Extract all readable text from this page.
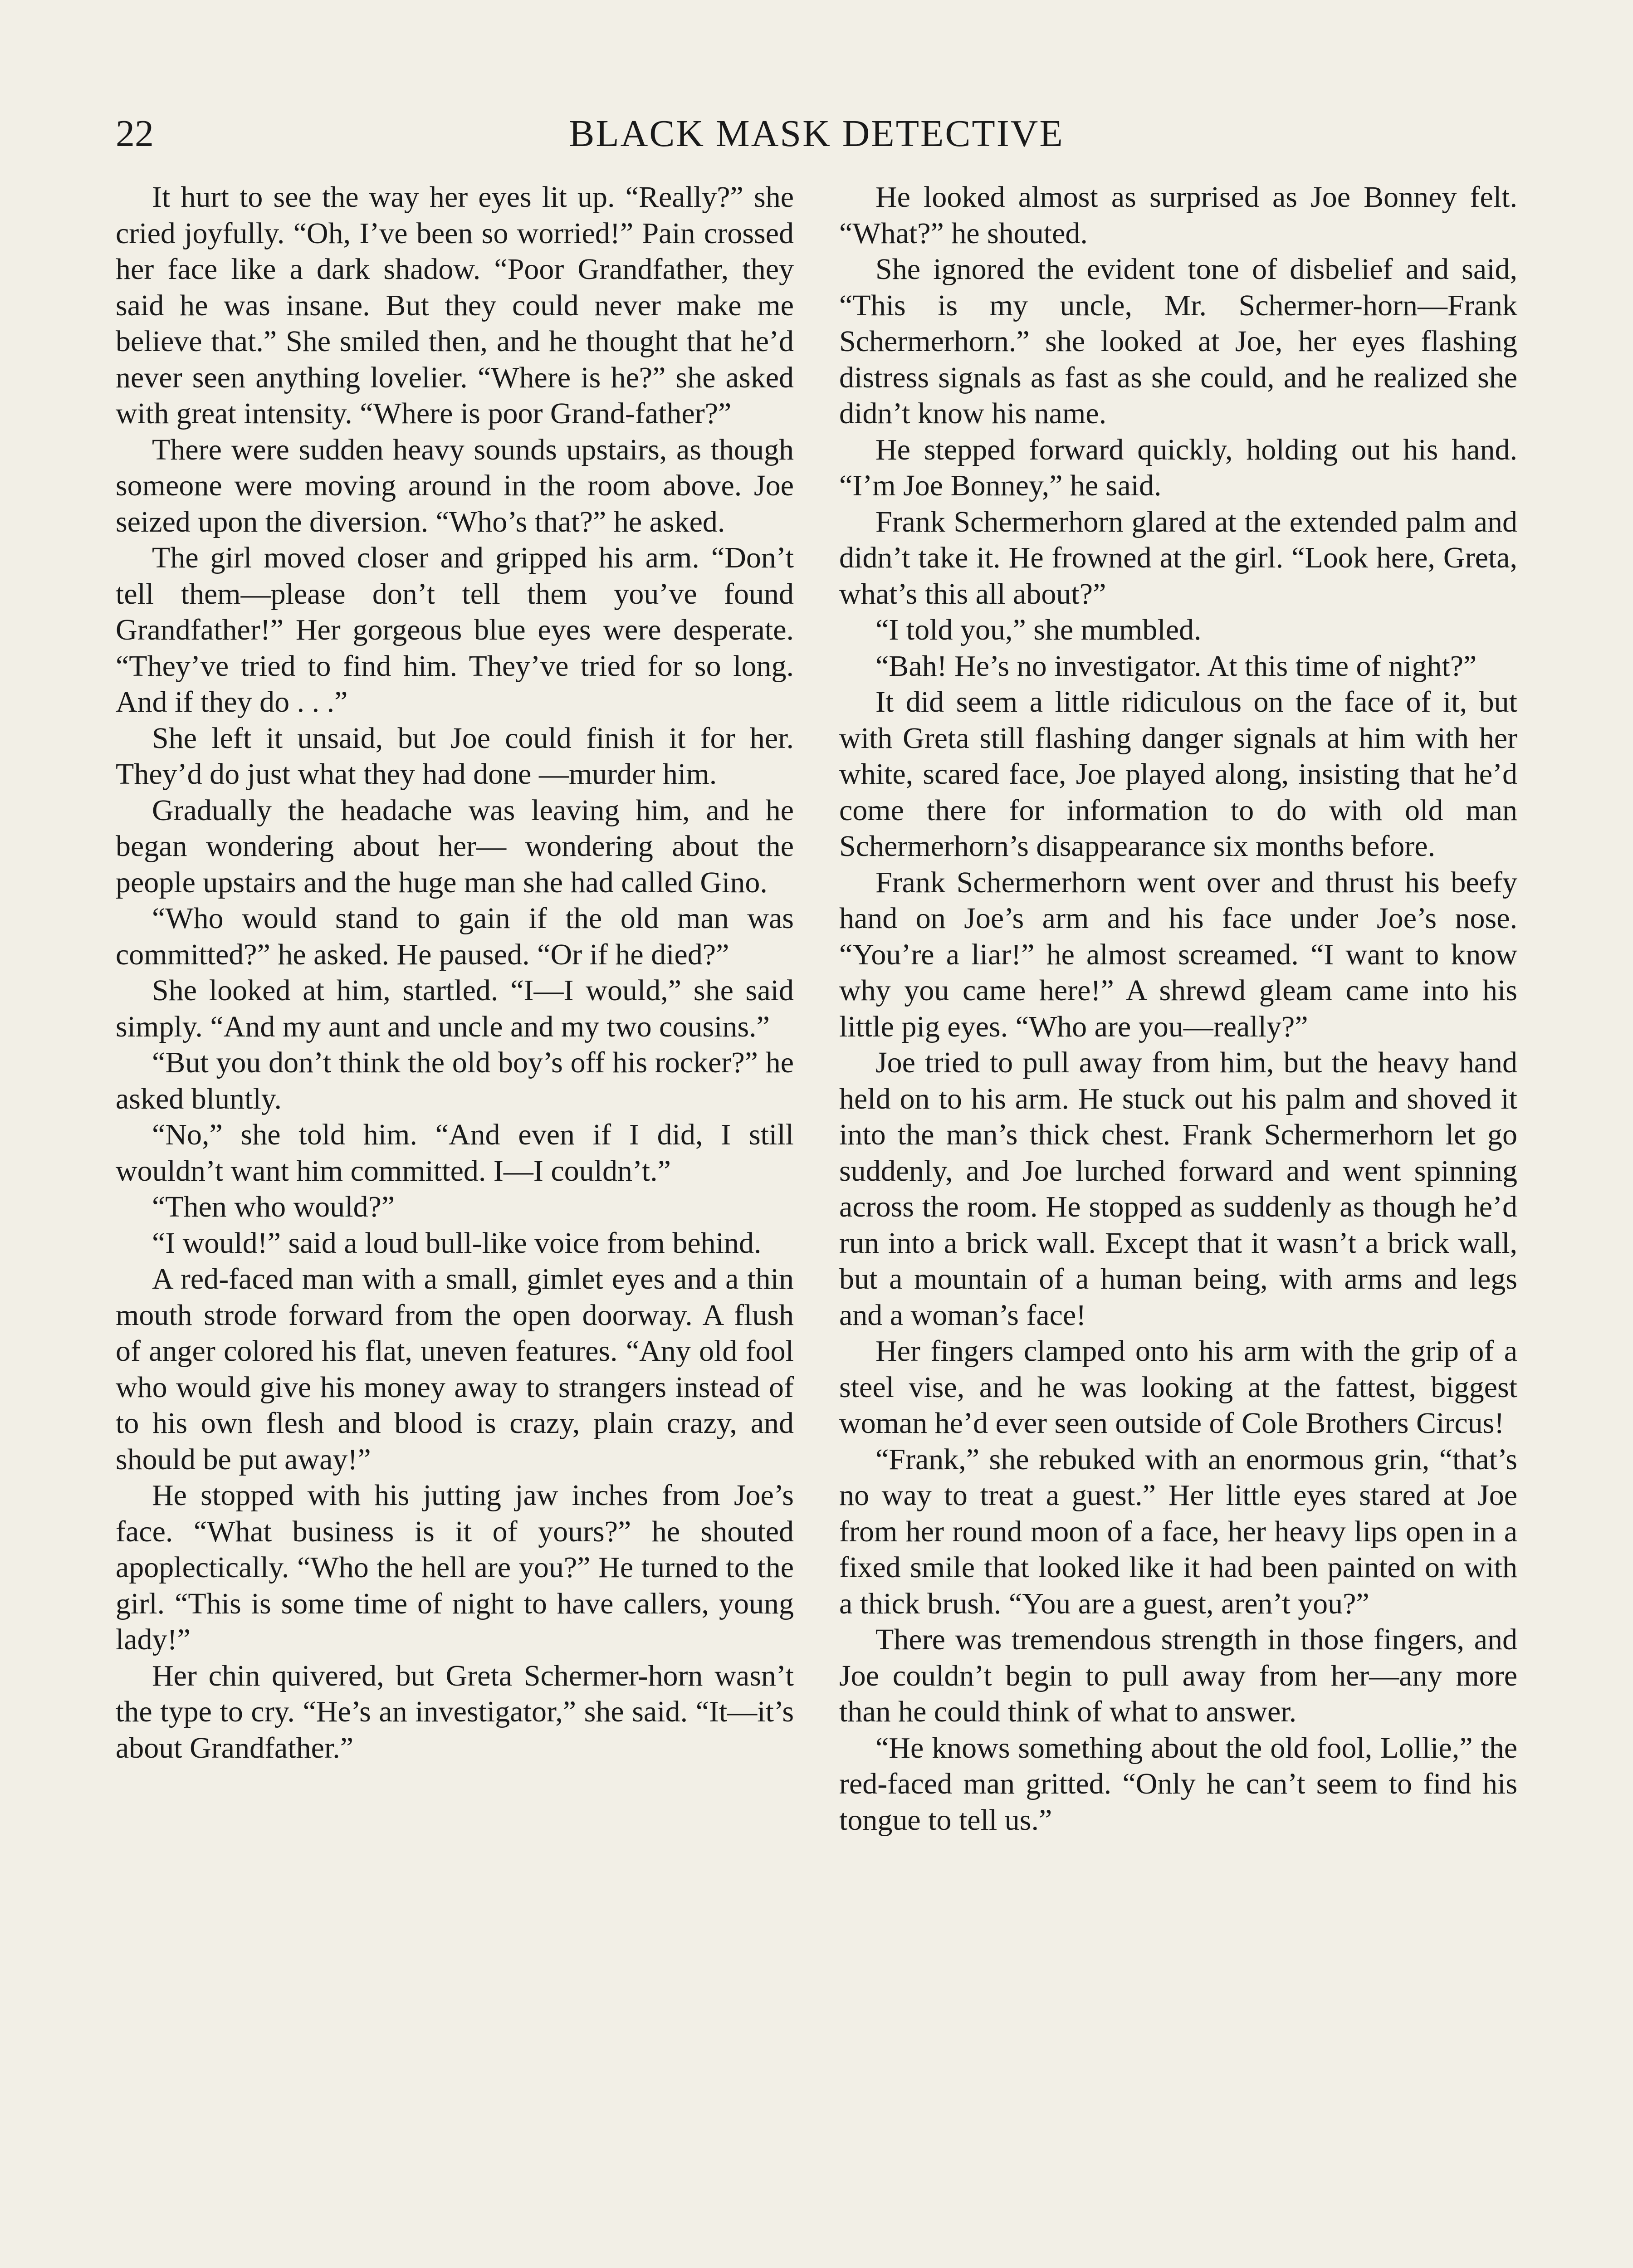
22	BLACK MASK DETECTIVE

It hurt to see the way her eyes lit up. “Really?” she cried joyfully. “Oh, I’ve been so worried!” Pain crossed her face like a dark shadow. “Poor Grandfather, they said he was insane. But they could never make me believe that.” She smiled then, and he thought that he’d never seen anything lovelier. “Where is he?” she asked with great intensity. “Where is poor Grand-father?”

There were sudden heavy sounds upstairs, as though someone were moving around in the room above. Joe seized upon the diversion. “Who’s that?” he asked.

The girl moved closer and gripped his arm. “Don’t tell them—please don’t tell them you’ve found Grandfather!” Her gorgeous blue eyes were desperate. “They’ve tried to find him. They’ve tried for so long. And if they do . . .”

She left it unsaid, but Joe could finish it for her. They’d do just what they had done —murder him.

Gradually the headache was leaving him, and he began wondering about her— wondering about the people upstairs and the huge man she had called Gino.

“Who would stand to gain if the old man was committed?” he asked. He paused. “Or if he died?”

She looked at him, startled. “I—I would,” she said simply. “And my aunt and uncle and my two cousins.”

“But you don’t think the old boy’s off his rocker?” he asked bluntly.

“No,” she told him. “And even if I did, I still wouldn’t want him committed. I—I couldn’t.”

“Then who would?”

“I would!” said a loud bull-like voice from behind.

A red-faced man with a small, gimlet eyes and a thin mouth strode forward from the open doorway. A flush of anger colored his flat, uneven features. “Any old fool who would give his money away to strangers instead of to his own flesh and blood is crazy, plain crazy, and should be put away!”

He stopped with his jutting jaw inches from Joe’s face. “What business is it of yours?” he shouted apoplectically. “Who the hell are you?” He turned to the girl. “This is some time of night to have callers, young lady!”

Her chin quivered, but Greta Schermer-horn wasn’t the type to cry. “He’s an investigator,” she said. “It—it’s about Grandfather.”

He looked almost as surprised as Joe Bonney felt. “What?” he shouted.

She ignored the evident tone of disbelief and said, “This is my uncle, Mr. Schermer-horn—Frank Schermerhorn.” she looked at Joe, her eyes flashing distress signals as fast as she could, and he realized she didn’t know his name.

He stepped forward quickly, holding out his hand. “I’m Joe Bonney,” he said.

Frank Schermerhorn glared at the extended palm and didn’t take it. He frowned at the girl. “Look here, Greta, what’s this all about?”

“I told you,” she mumbled.

“Bah! He’s no investigator. At this time of night?”

It did seem a little ridiculous on the face of it, but with Greta still flashing danger signals at him with her white, scared face, Joe played along, insisting that he’d come there for information to do with old man Schermerhorn’s disappearance six months before.

Frank Schermerhorn went over and thrust his beefy hand on Joe’s arm and his face under Joe’s nose. “You’re a liar!” he almost screamed. “I want to know why you came here!” A shrewd gleam came into his little pig eyes. “Who are you—really?”

Joe tried to pull away from him, but the heavy hand held on to his arm. He stuck out his palm and shoved it into the man’s thick chest. Frank Schermerhorn let go suddenly, and Joe lurched forward and went spinning across the room. He stopped as suddenly as though he’d run into a brick wall. Except that it wasn’t a brick wall, but a mountain of a human being, with arms and legs and a woman’s face!

Her fingers clamped onto his arm with the grip of a steel vise, and he was looking at the fattest, biggest woman he’d ever seen outside of Cole Brothers Circus!

“Frank,” she rebuked with an enormous grin, “that’s no way to treat a guest.” Her little eyes stared at Joe from her round moon of a face, her heavy lips open in a fixed smile that looked like it had been painted on with a thick brush. “You are a guest, aren’t you?”

There was tremendous strength in those fingers, and Joe couldn’t begin to pull away from her—any more than he could think of what to answer.

“He knows something about the old fool, Lollie,” the red-faced man gritted. “Only he can’t seem to find his tongue to tell us.”
